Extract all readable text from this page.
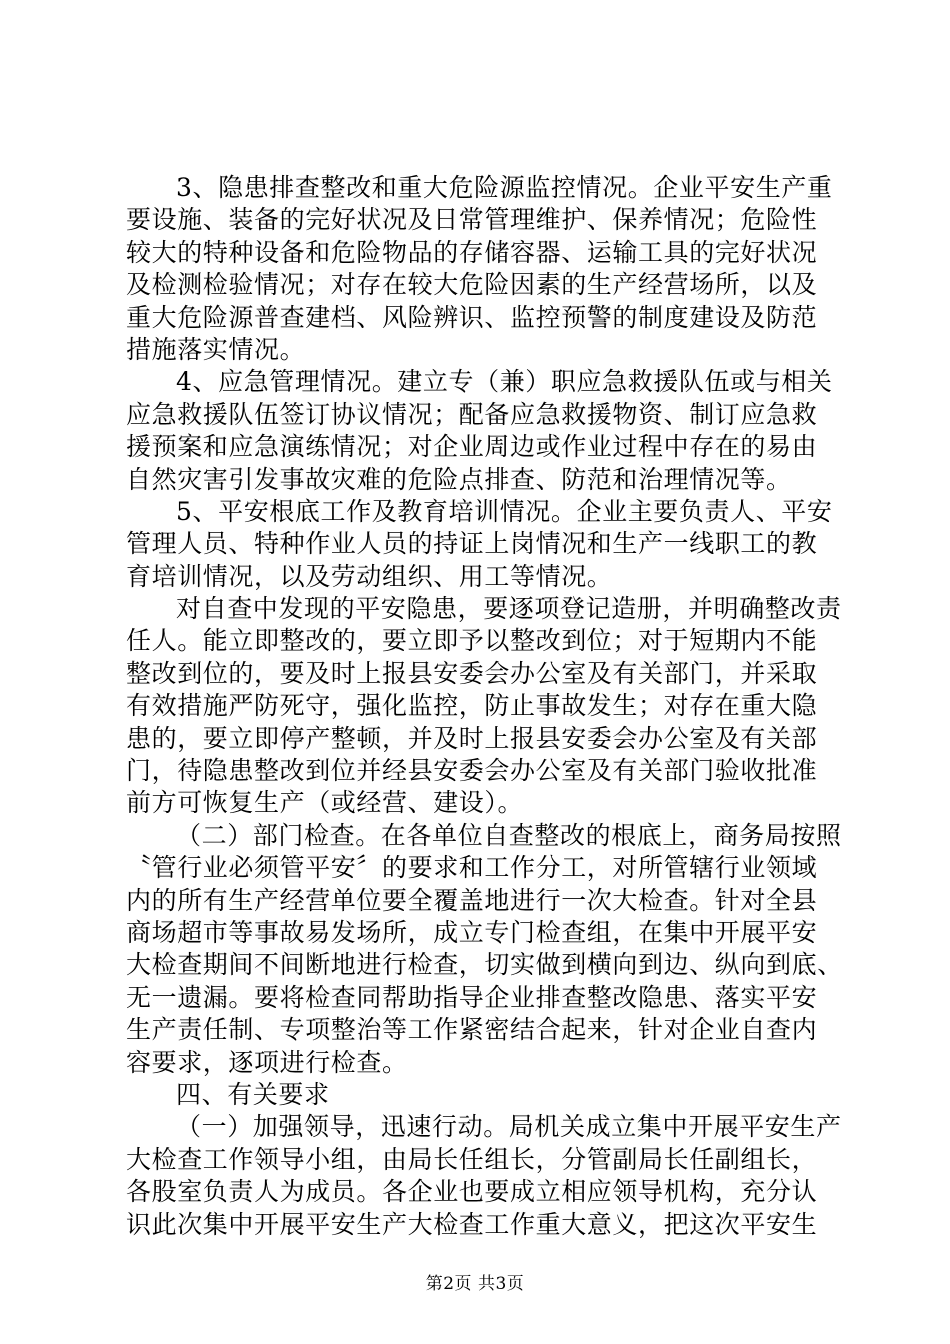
3、隐患排查整改和重大危险源监控情况。企业平安生产重
要设施、装备的完好状况及日常管理维护、保养情况；危险性
较大的特种设备和危险物品的存储容器、运输工具的完好状况
及检测检验情况；对存在较大危险因素的生产经营场所，以及
重大危险源普查建档、风险辨识、监控预警的制度建设及防范
措施落实情况。
4、应急管理情况。建立专（兼）职应急救援队伍或与相关
应急救援队伍签订协议情况；配备应急救援物资、制订应急救
援预案和应急演练情况；对企业周边或作业过程中存在的易由
自然灾害引发事故灾难的危险点排查、防范和治理情况等。
5、平安根底工作及教育培训情况。企业主要负责人、平安
管理人员、特种作业人员的持证上岗情况和生产一线职工的教
育培训情况，以及劳动组织、用工等情况。
对自查中发现的平安隐患，要逐项登记造册，并明确整改责
任人。能立即整改的，要立即予以整改到位；对于短期内不能
整改到位的，要及时上报县安委会办公室及有关部门，并采取
有效措施严防死守，强化监控，防止事故发生；对存在重大隐
患的，要立即停产整顿，并及时上报县安委会办公室及有关部
门，待隐患整改到位并经县安委会办公室及有关部门验收批准
前方可恢复生产（或经营、建设）。
（二）部门检查。在各单位自查整改的根底上，商务局按照
〝管行业必须管平安〞的要求和工作分工，对所管辖行业领域
内的所有生产经营单位要全覆盖地进行一次大检查。针对全县
商场超市等事故易发场所，成立专门检查组，在集中开展平安
大检查期间不间断地进行检查，切实做到横向到边、纵向到底、
无一遗漏。要将检查同帮助指导企业排查整改隐患、落实平安
生产责任制、专项整治等工作紧密结合起来，针对企业自查内
容要求，逐项进行检查。
四、有关要求
（一）加强领导，迅速行动。局机关成立集中开展平安生产
大检查工作领导小组，由局长任组长，分管副局长任副组长，
各股室负责人为成员。各企业也要成立相应领导机构，充分认
识此次集中开展平安生产大检查工作重大意义，把这次平安生
第2页 共3页
